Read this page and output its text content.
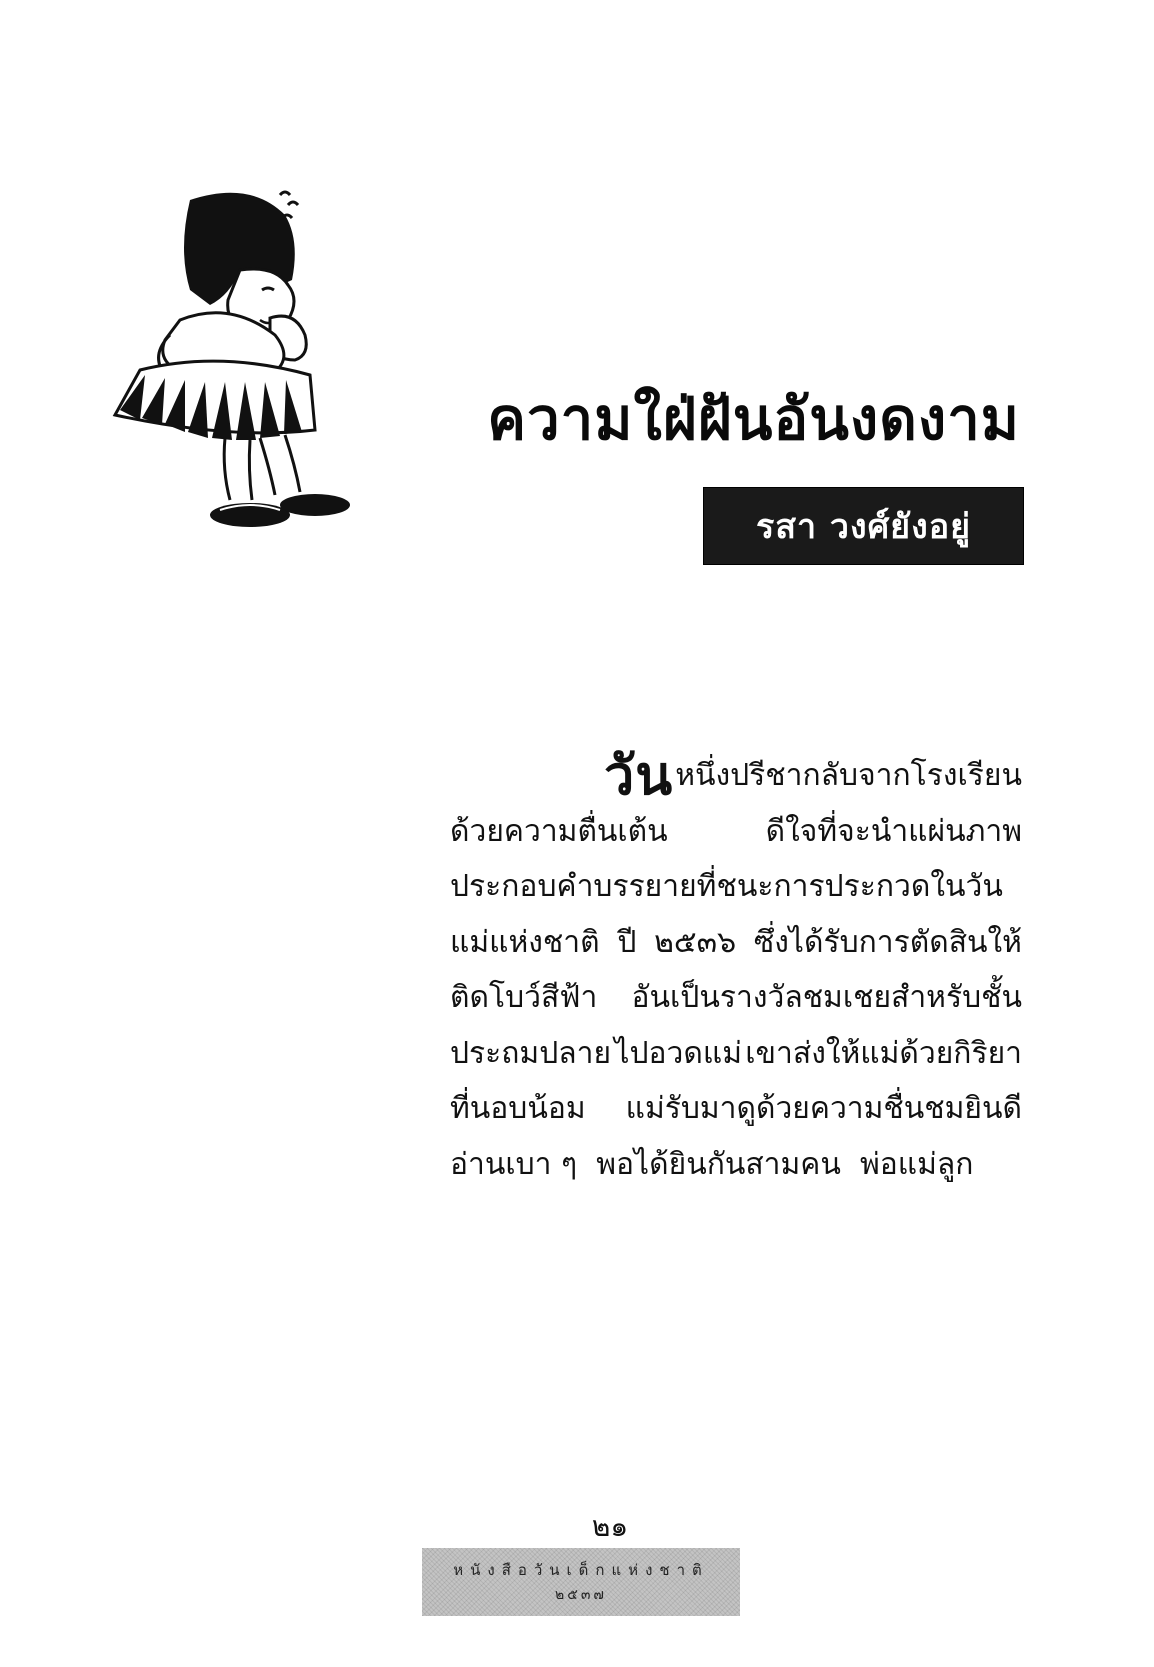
ความใฝ่ฝันอันงดงาม
รสา วงศ์ยังอยู่
วัน หนึ่งปรีชากลับจากโรงเรียน
ด้วยความตื่นเต้น	ดีใจที่จะนำแผ่นภาพ
ประกอบคำบรรยายที่ชนะการประกวดในวัน
แม่แห่งชาติ ปี ๒๕๓๖ ซึ่งได้รับการตัดสินให้
ติดโบว์สีฟ้า อันเป็นรางวัลชมเชยสำหรับชั้น
ประถมปลาย ไปอวดแม่ เขาส่งให้แม่ด้วยกิริยา
ที่นอบน้อม แม่รับมาดูด้วยความชื่นชมยินดี
อ่านเบา ๆ พอได้ยินกันสามคน พ่อแม่ลูก
๒๑
หนังสือวันเด็กแห่งชาติ
๒๕๓๗
